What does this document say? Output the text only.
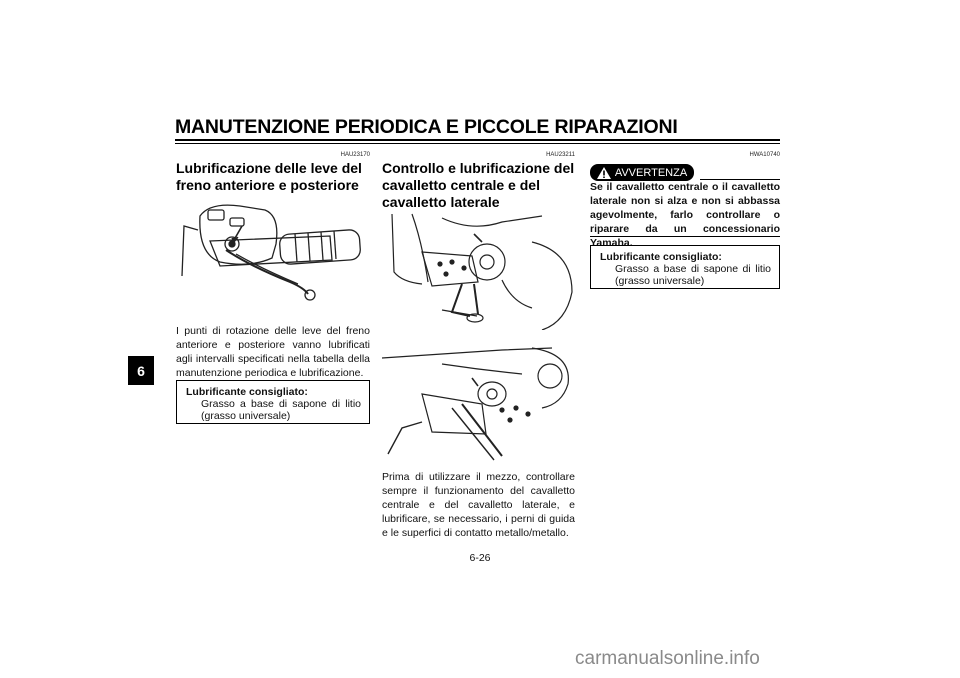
MANUTENZIONE PERIODICA E PICCOLE RIPARAZIONI
6
HAU23170
Lubrificazione delle leve del freno anteriore e posteriore
I punti di rotazione delle leve del freno anteriore e posteriore vanno lubrificati agli intervalli specificati nella tabella della manutenzione periodica e lubrificazione.
Lubrificante consigliato:
Grasso a base di sapone di litio (grasso universale)
HAU23211
Controllo e lubrificazione del cavalletto centrale e del cavalletto laterale
Prima di utilizzare il mezzo, controllare sempre il funzionamento del cavalletto centrale e del cavalletto laterale, e lubrificare, se necessario, i perni di guida e le superfici di contatto metallo/metallo.
HWA10740
AVVERTENZA
Se il cavalletto centrale o il cavalletto laterale non si alza e non si abbassa agevolmente, farlo controllare o riparare da un concessionario Yamaha.
Lubrificante consigliato:
Grasso a base di sapone di litio (grasso universale)
6-26
carmanualsonline.info
